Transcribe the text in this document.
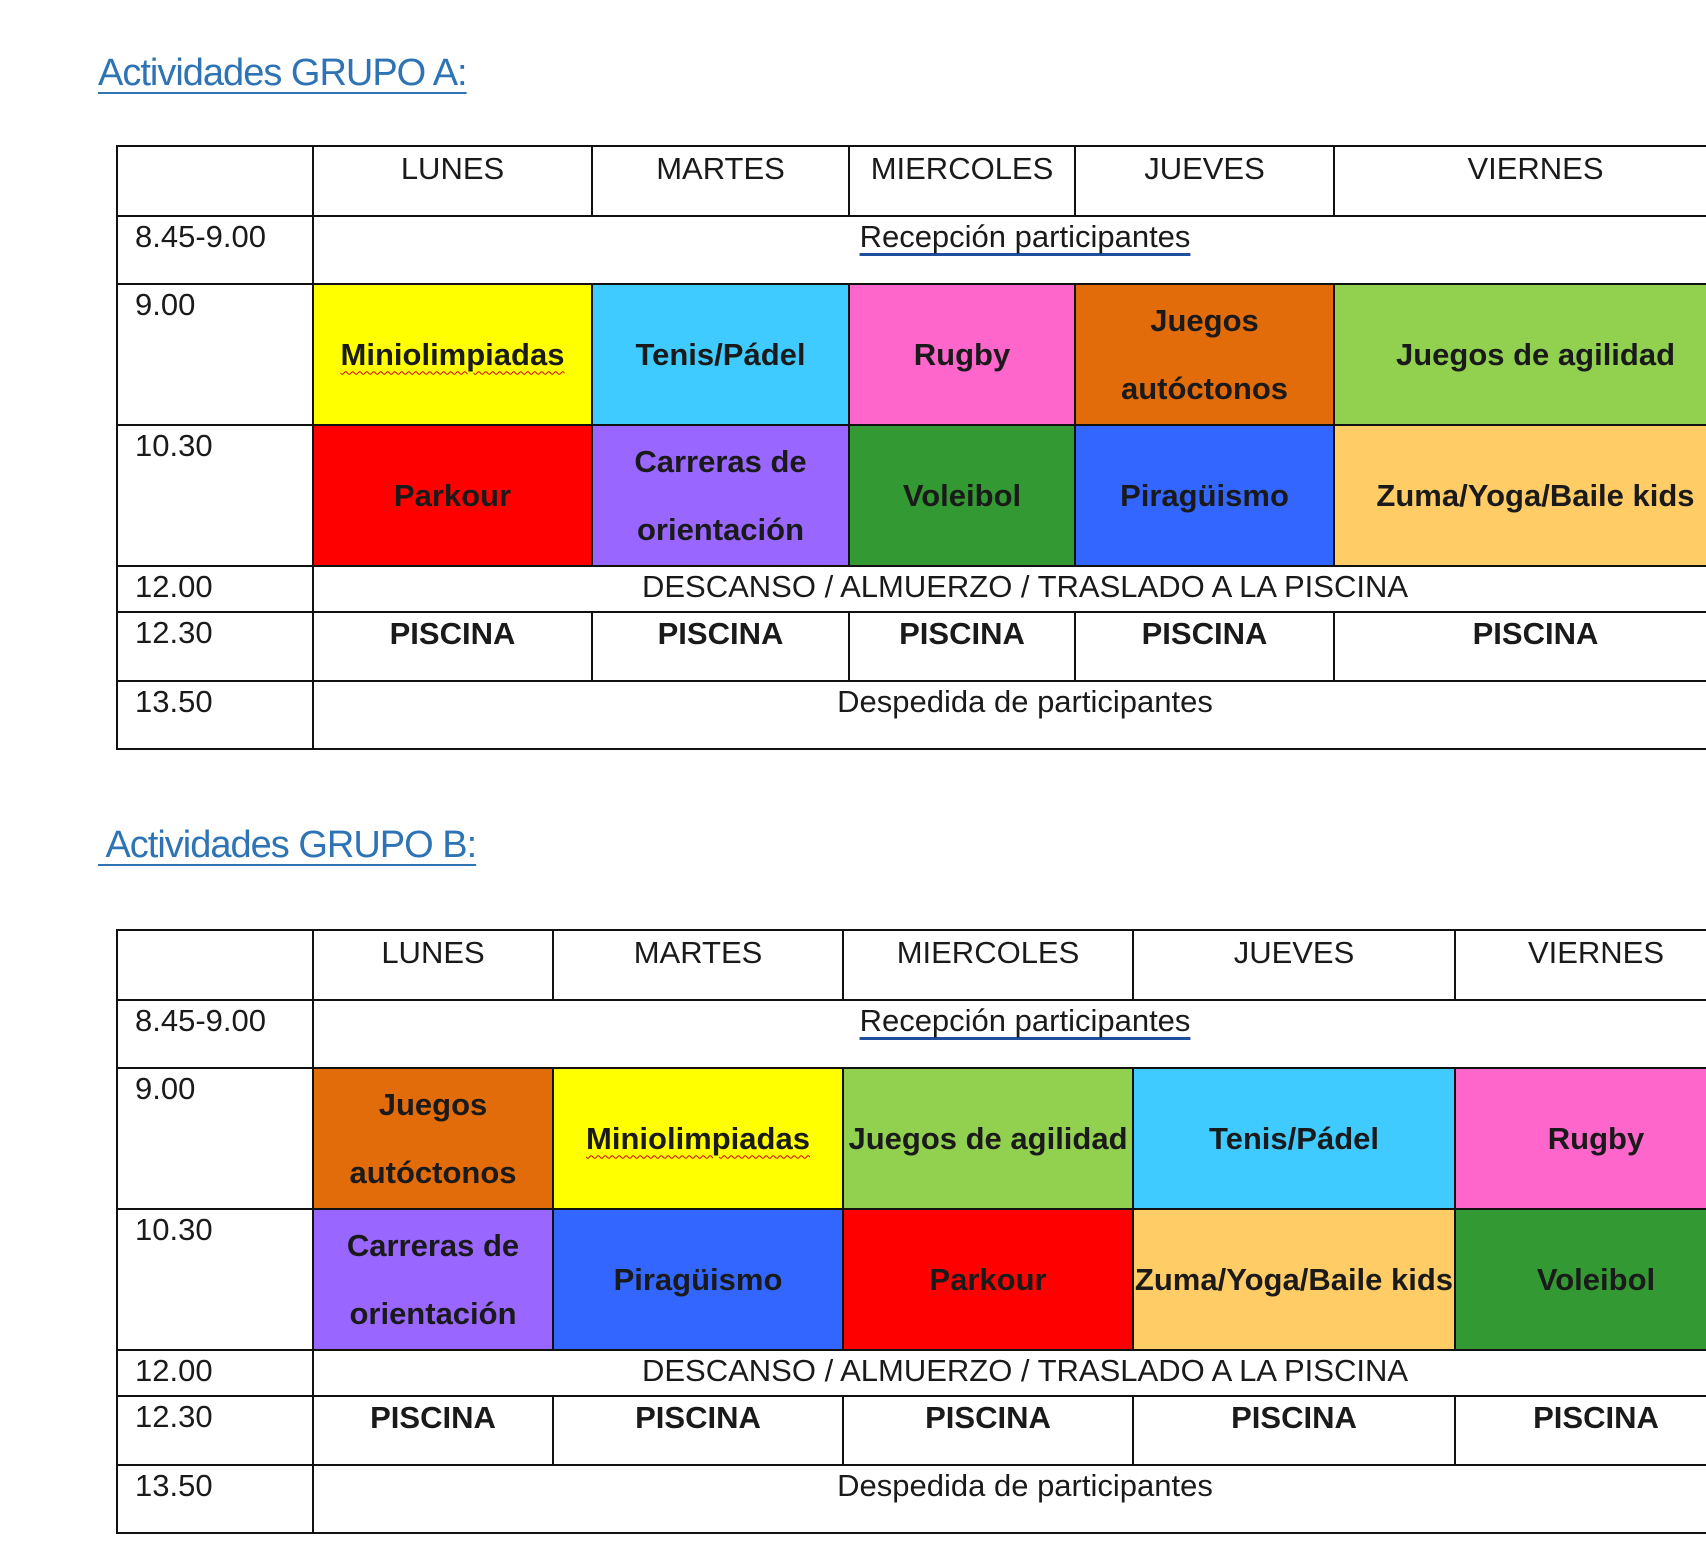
Actividades GRUPO A:
	LUNES	MARTES	MIERCOLES	JUEVES	VIERNES
8.45-9.00	Recepción participantes				
9.00	Miniolimpiadas	Tenis/Pádel	Rugby	Juegos autóctonos	Juegos de agilidad
10.30	Parkour	Carreras de orientación	Voleibol	Piragüismo	Zuma/Yoga/Baile kids
12.00	DESCANSO / ALMUERZO / TRASLADO A LA PISCINA				
12.30	PISCINA	PISCINA	PISCINA	PISCINA	PISCINA
13.50	Despedida de participantes				
Actividades GRUPO B:
	LUNES	MARTES	MIERCOLES	JUEVES	VIERNES
8.45-9.00	Recepción participantes				
9.00	Juegos autóctonos	Miniolimpiadas	Juegos de agilidad	Tenis/Pádel	Rugby
10.30	Carreras de orientación	Piragüismo	Parkour	Zuma/Yoga/Baile kids	Voleibol
12.00	DESCANSO / ALMUERZO / TRASLADO A LA PISCINA				
12.30	PISCINA	PISCINA	PISCINA	PISCINA	PISCINA
13.50	Despedida de participantes				
